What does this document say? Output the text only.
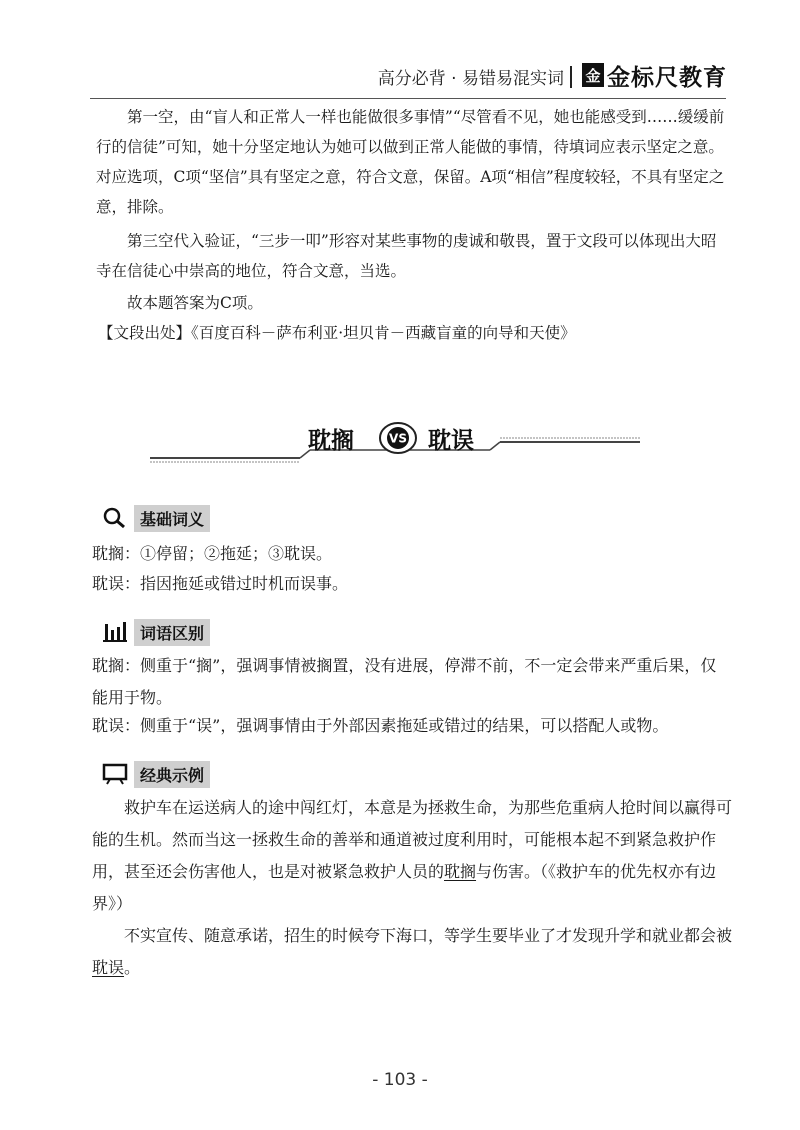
高分必背 · 易错易混实词 金 金标尺教育

第一空，由“盲人和正常人一样也能做很多事情”“尽管看不见，她也能感受到……缓缓前行的信徒”可知，她十分坚定地认为她可以做到正常人能做的事情，待填词应表示坚定之意。对应选项，C项“坚信”具有坚定之意，符合文意，保留。A项“相信”程度较轻，不具有坚定之意，排除。

第三空代入验证，“三步一叩”形容对某些事物的虔诚和敬畏，置于文段可以体现出大昭寺在信徒心中崇高的地位，符合文意，当选。

故本题答案为C项。

【文段出处】《百度百科－萨布利亚·坦贝肯－西藏盲童的向导和天使》

耽搁	VS 耽误
基础词义

耽搁：①停留；②拖延；③耽误。

耽误：指因拖延或错过时机而误事。

词语区别

耽搁：侧重于“搁”，强调事情被搁置，没有进展，停滞不前，不一定会带来严重后果，仅能用于物。

耽误：侧重于“误”，强调事情由于外部因素拖延或错过的结果，可以搭配人或物。

经典示例

救护车在运送病人的途中闯红灯，本意是为拯救生命，为那些危重病人抢时间以赢得可能的生机。然而当这一拯救生命的善举和通道被过度利用时，可能根本起不到紧急救护作用，甚至还会伤害他人，也是对被紧急救护人员的耽搁与伤害。（《救护车的优先权亦有边界》）

不实宣传、随意承诺，招生的时候夸下海口，等学生要毕业了才发现升学和就业都会被耽误。

- 103 -
